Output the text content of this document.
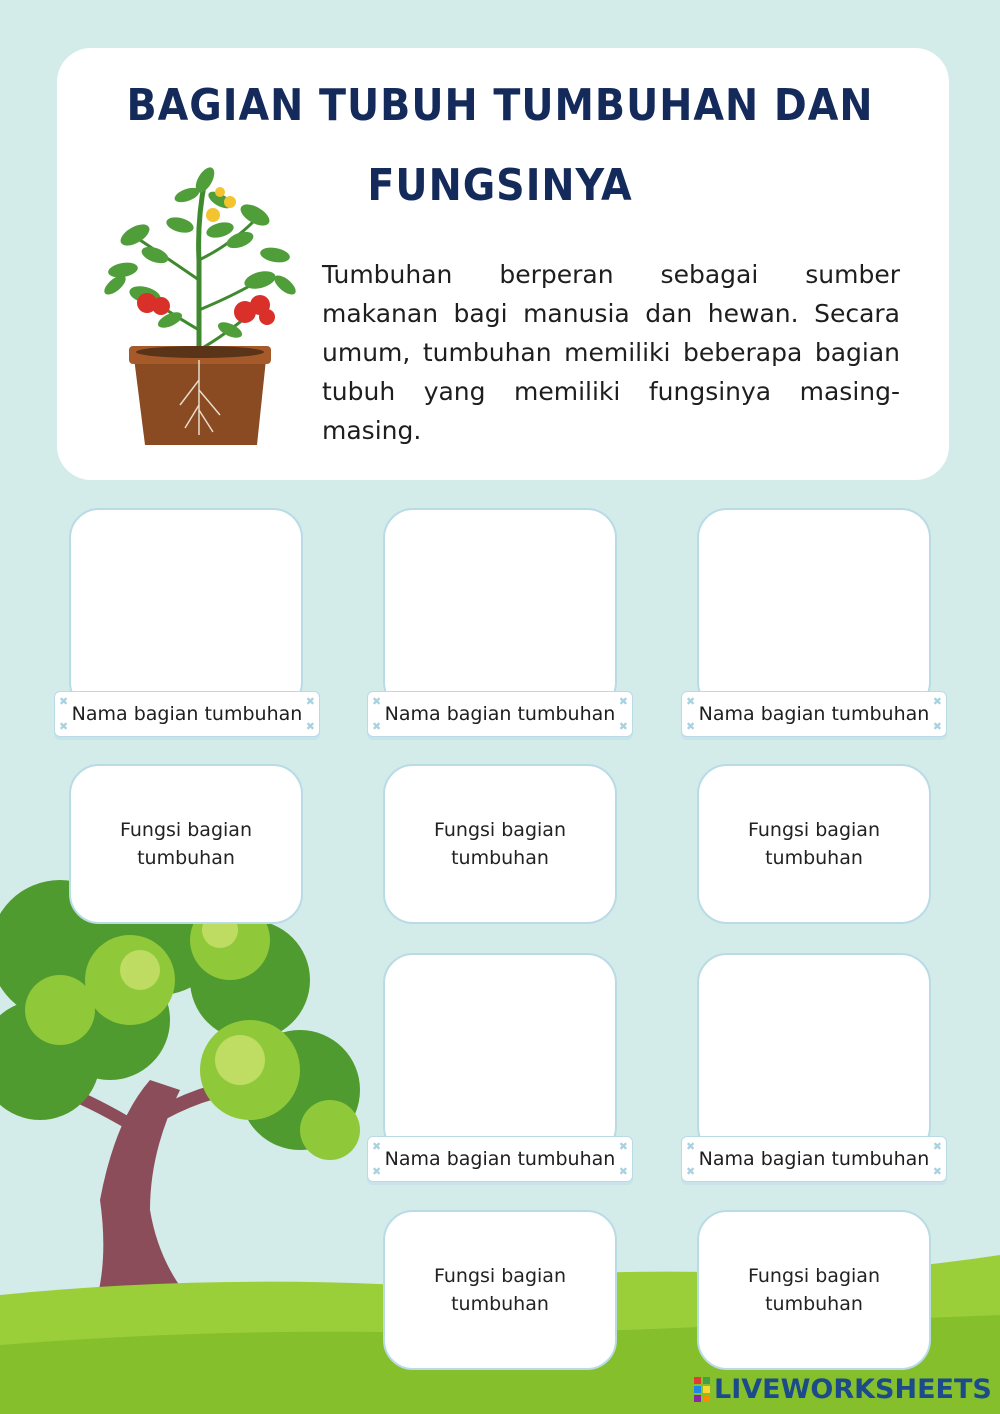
BAGIAN TUBUH TUMBUHAN DAN
FUNGSINYA
Tumbuhan berperan sebagai sumber makanan bagi manusia dan hewan. Secara umum, tumbuhan memiliki beberapa bagian tubuh yang memiliki fungsinya masing-masing.
✖
✖
✖
✖
Nama bagian tumbuhan
Fungsi bagian tumbuhan
✖
✖
✖
✖
Nama bagian tumbuhan
Fungsi bagian tumbuhan
✖
✖
✖
✖
Nama bagian tumbuhan
Fungsi bagian tumbuhan
✖
✖
✖
✖
Nama bagian tumbuhan
Fungsi bagian tumbuhan
✖
✖
✖
✖
Nama bagian tumbuhan
Fungsi bagian tumbuhan
LIVEWORKSHEETS
